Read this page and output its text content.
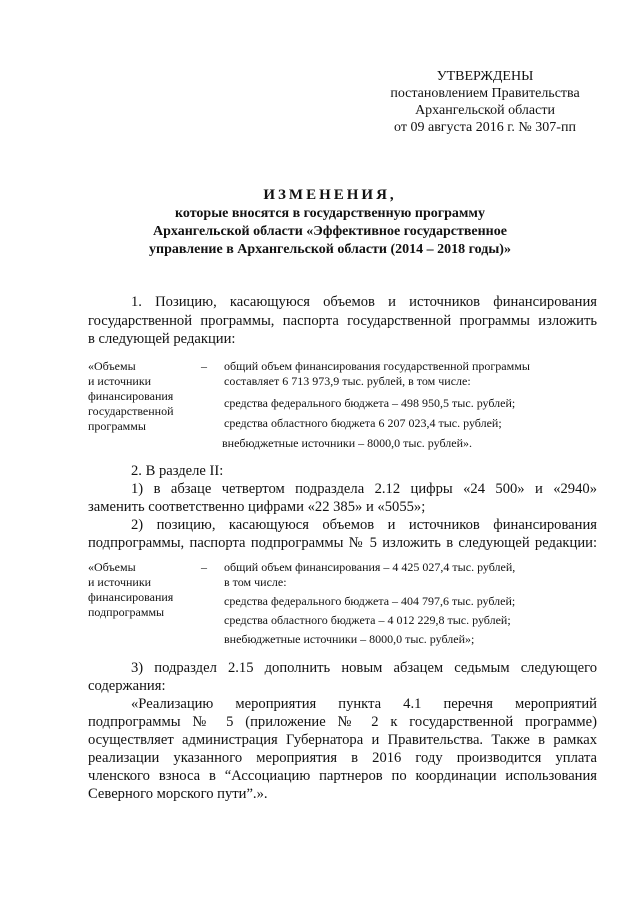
УТВЕРЖДЕНЫ
постановлением Правительства
Архангельской области
от 09 августа 2016 г. № 307-пп
ИЗМЕНЕНИЯ,
которые вносятся в государственную программу
Архангельской области «Эффективное государственное
управление в Архангельской области (2014 – 2018 годы)»
1. Позицию, касающуюся объемов и источников финансирования
государственной программы, паспорта государственной программы изложить
в следующей редакции:
«Объемы
и источники
финансирования
государственной
программы
– общий объем финансирования государственной программы
составляет 6 713 973,9 тыс. рублей, в том числе:
средства федерального бюджета – 498 950,5 тыс. рублей;
средства областного бюджета 6 207 023,4 тыс. рублей;
внебюджетные источники – 8000,0 тыс. рублей».
2. В разделе II:
1) в абзаце четвертом подраздела 2.12 цифры «24 500» и «2940»
заменить соответственно цифрами «22 385» и «5055»;
2) позицию, касающуюся объемов и источников финансирования
подпрограммы, паспорта подпрограммы № 5 изложить в следующей редакции:
«Объемы
и источники
финансирования
подпрограммы
– общий объем финансирования – 4 425 027,4 тыс. рублей,
в том числе:
средства федерального бюджета – 404 797,6 тыс. рублей;
средства областного бюджета – 4 012 229,8 тыс. рублей;
внебюджетные источники – 8000,0 тыс. рублей»;
3) подраздел 2.15 дополнить новым абзацем седьмым следующего
содержания:
«Реализацию мероприятия пункта 4.1 перечня мероприятий
подпрограммы № 5 (приложение № 2 к государственной программе)
осуществляет администрация Губернатора и Правительства. Также в рамках
реализации указанного мероприятия в 2016 году производится уплата
членского взноса в “Ассоциацию партнеров по координации использования
Северного морского пути”.».
